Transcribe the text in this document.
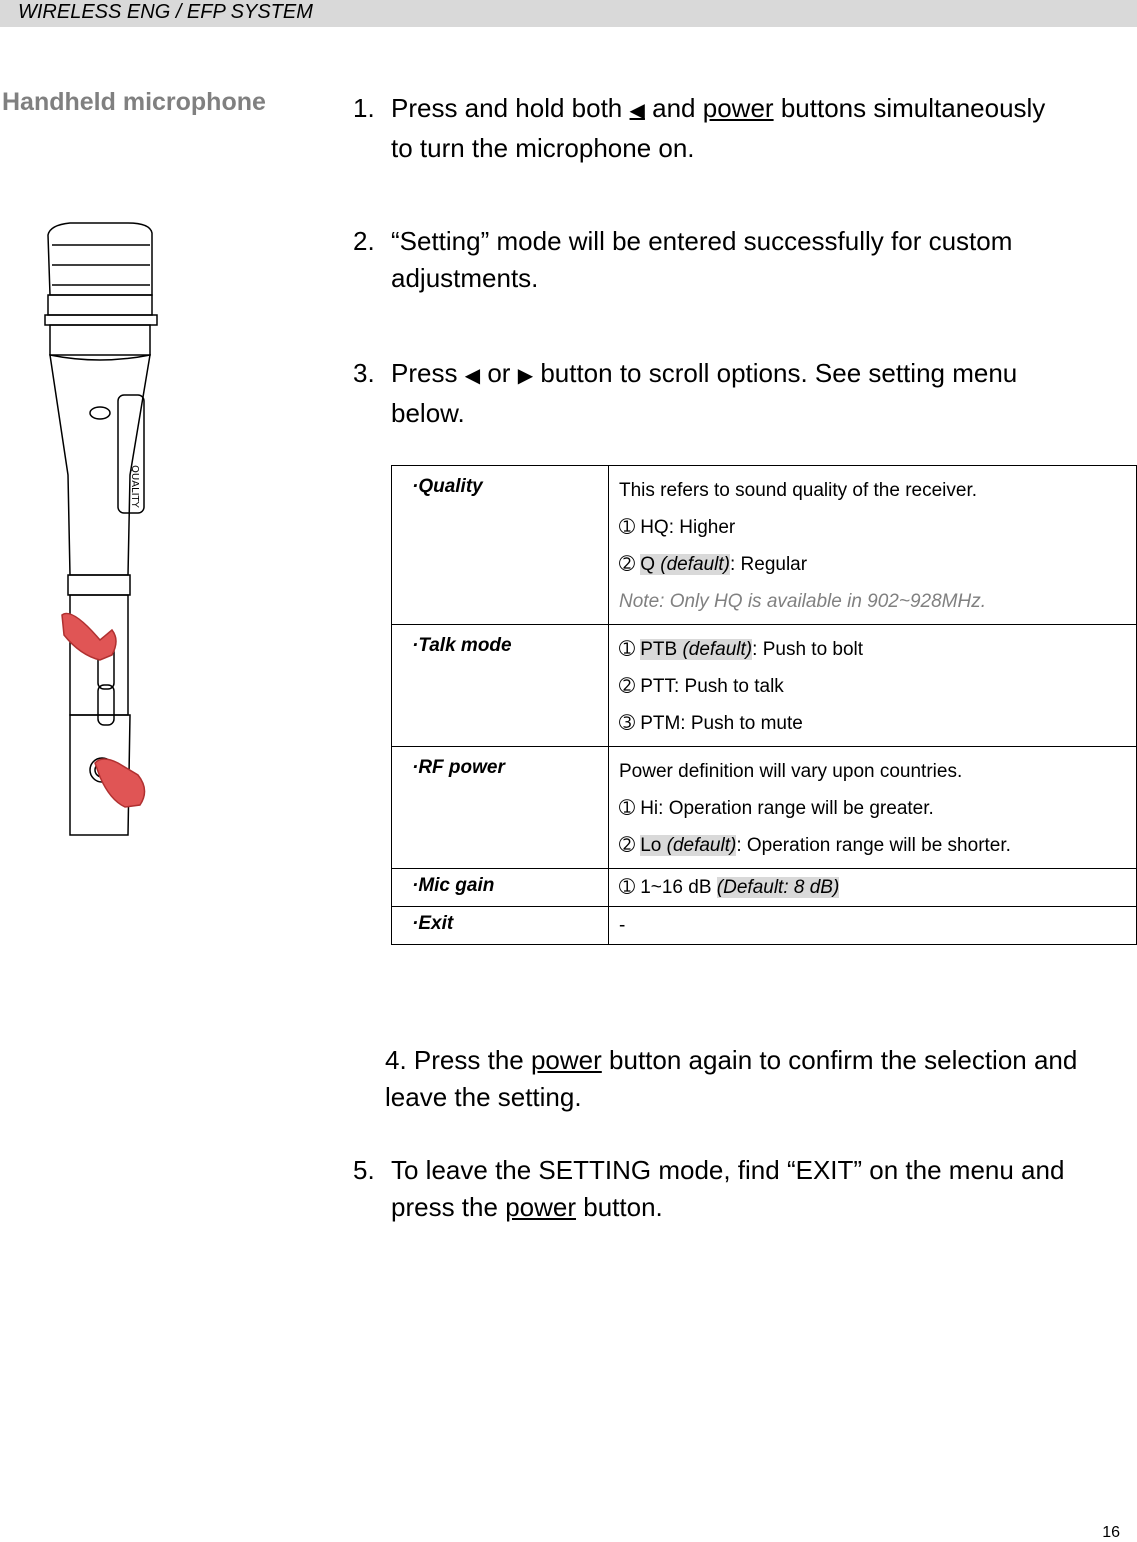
WIRELESS ENG / EFP SYSTEM
Handheld microphone	1. Press and hold both ◀ and power buttons simultaneously
to turn the microphone on.
2. “Setting” mode will be entered successfully for custom
adjustments.
3. Press ◀ or ▶ button to scroll options. See setting menu
below.
QUALITY	·Quality	This refers to sound quality of the receiver.
➀ HQ: Higher
➁ Q (default): Regular
Note: Only HQ is available in 902~928MHz.

·Talk mode	➀ PTB (default): Push to bolt
➁ PTT: Push to talk
➂ PTM: Push to mute

·RF power	Power definition will vary upon countries.
➀ Hi: Operation range will be greater.
➁ Lo (default): Operation range will be shorter.

·Mic gain	➀ 1~16 dB (Default: 8 dB)

·Exit	-
4. Press the power button again to confirm the selection and
leave the setting.
5. To leave the SETTING mode, find “EXIT” on the menu and
press the power button.
16
